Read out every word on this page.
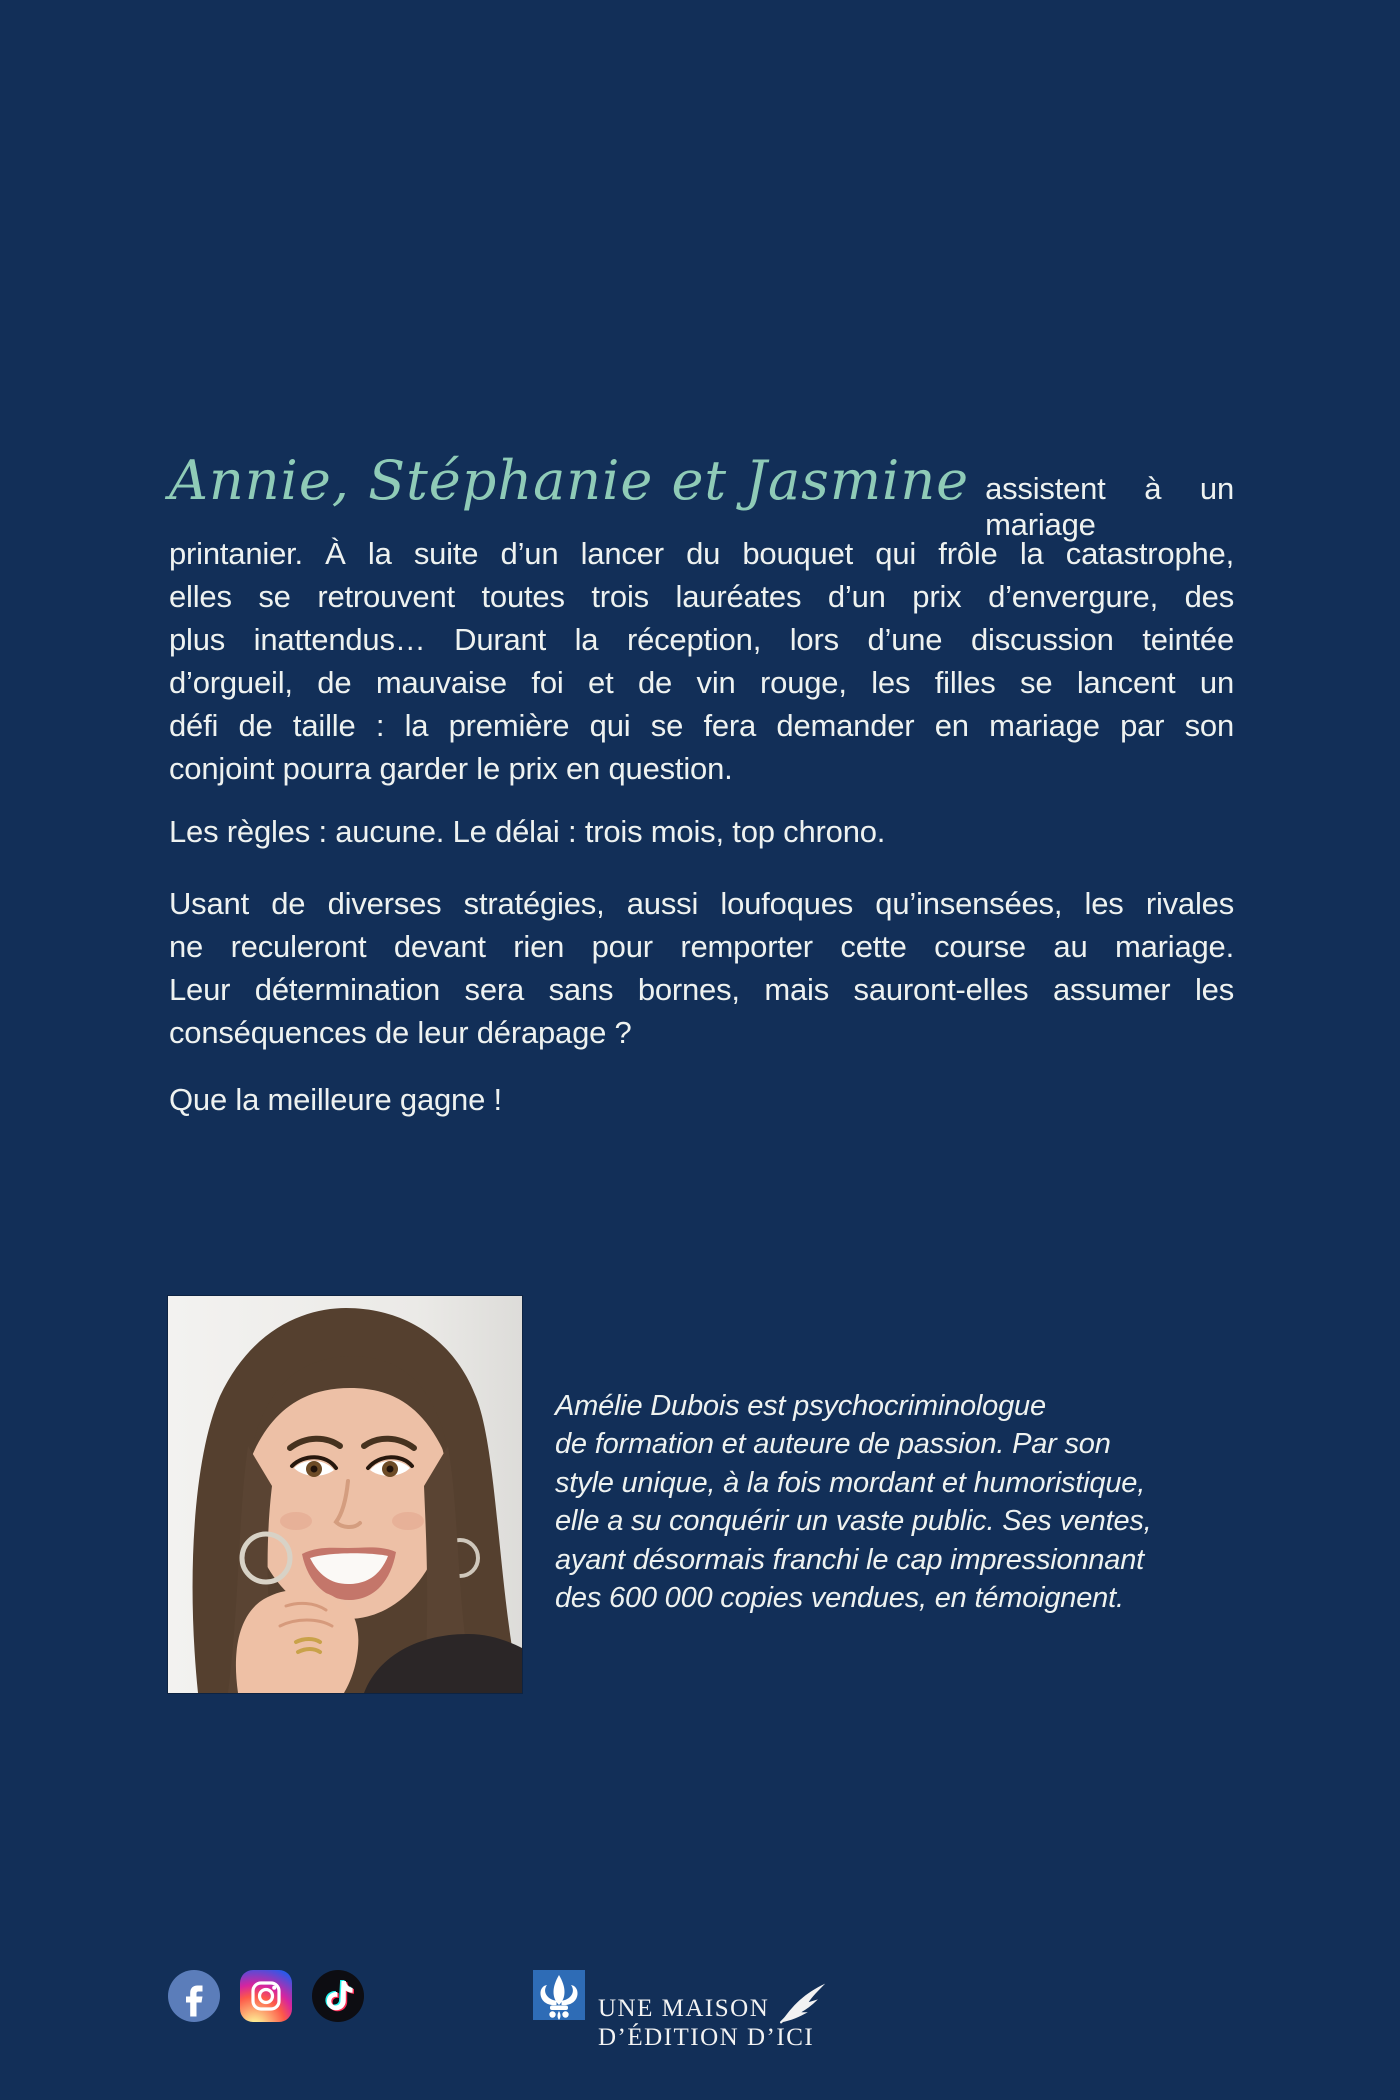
Annie, Stéphanie et Jasmine assistent à un mariage
printanier. À la suite d’un lancer du bouquet qui frôle la catastrophe,
elles se retrouvent toutes trois lauréates d’un prix d’envergure, des
plus inattendus… Durant la réception, lors d’une discussion teintée
d’orgueil, de mauvaise foi et de vin rouge, les filles se lancent un
défi de taille : la première qui se fera demander en mariage par son
conjoint pourra garder le prix en question.
Les règles : aucune. Le délai : trois mois, top chrono.
Usant de diverses stratégies, aussi loufoques qu’insensées, les rivales
ne reculeront devant rien pour remporter cette course au mariage.
Leur détermination sera sans bornes, mais sauront-elles assumer les
conséquences de leur dérapage ?
Que la meilleure gagne !
Amélie Dubois est psychocriminologue
de formation et auteure de passion. Par son
style unique, à la fois mordant et humoristique,
elle a su conquérir un vaste public. Ses ventes,
ayant désormais franchi le cap impressionnant
des 600 000 copies vendues, en témoignent.
UNE MAISON
D’ÉDITION D’ICI
